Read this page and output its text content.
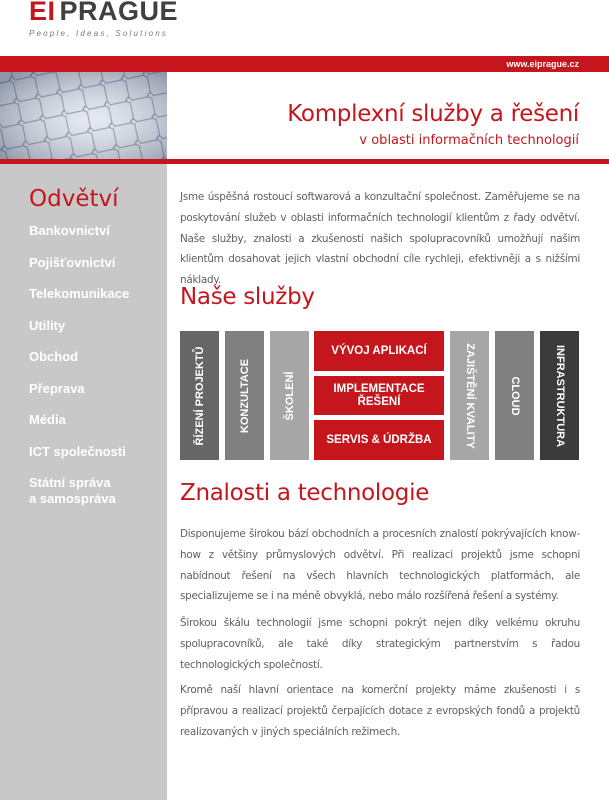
EI PRAGUE
People, Ideas, Solutions
www.eiprague.cz
Komplexní služby a řešení
v oblasti informačních technologií
Odvětví
Bankovnictví
Pojišťovnictví
Telekomunikace
Utility
Obchod
Přeprava
Média
ICT společnosti
Státní správa
a samospráva

Jsme úspěšná rostoucí softwarová a konzultační společnost. Zaměřujeme se na poskytování služeb v oblasti informačních technologií klientům z řady odvětví. Naše služby, znalosti a zkušenosti našich spolupracovníků umožňují našim klientům dosahovat jejich vlastní obchodní cíle rychleji, efektivněji a s nižšími náklady.

Naše služby
ŘÍZENÍ PROJEKTŮ	KONZULTACE	ŠKOLENÍ
VÝVOJ APLIKACÍ
IMPLEMENTACE ŘEŠENÍ
SERVIS & ÚDRŽBA	ZAJIŠTĚNÍ KVALITY	CLOUD	INFRASTRUKTURA
Znalosti a technologie

Disponujeme širokou bází obchodních a procesních znalostí pokrývajících know-how z většiny průmyslových odvětví. Při realizaci projektů jsme schopni nabídnout řešení na všech hlavních technologických platformách, ale specializujeme se i na méně obvyklá, nebo málo rozšířená řešení a systémy.

Širokou škálu technologií jsme schopni pokrýt nejen díky velkému okruhu spolupracovníků, ale také díky strategickým partnerstvím s řadou technologických společností.

Kromě naší hlavní orientace na komerční projekty máme zkušenosti i s přípravou a realizací projektů čerpajících dotace z evropských fondů a projektů realizovaných v jiných speciálních režimech.
